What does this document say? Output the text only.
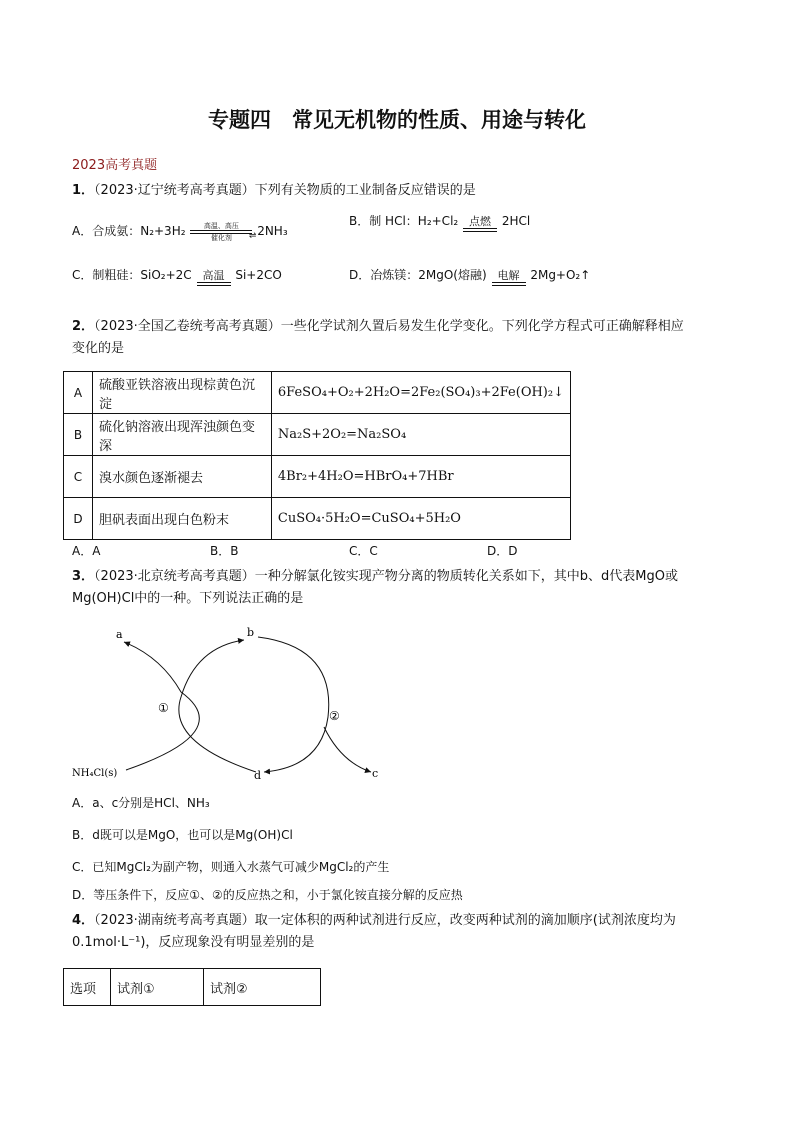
专题四　常见无机物的性质、用途与转化
2023高考真题
1．（2023·辽宁统考高考真题）下列有关物质的工业制备反应错误的是
A．合成氨：N₂+3H₂	高温、高压
⇌
催化剂	2NH₃
B．制 HCl：H₂+Cl₂ 点燃 2HCl
C．制粗硅：SiO₂+2C 高温 Si+2CO	D．冶炼镁：2MgO(熔融) 电解 2Mg+O₂↑
2．（2023·全国乙卷统考高考真题）一些化学试剂久置后易发生化学变化。下列化学方程式可正确解释相应
变化的是
A	硫酸亚铁溶液出现棕黄色沉淀	6FeSO₄+O₂+2H₂O=2Fe₂(SO₄)₃+2Fe(OH)₂↓
B	硫化钠溶液出现浑浊颜色变深	Na₂S+2O₂=Na₂SO₄
C	溴水颜色逐渐褪去	4Br₂+4H₂O=HBrO₄+7HBr
D	胆矾表面出现白色粉末	CuSO₄·5H₂O=CuSO₄+5H₂O
A．A	B．B	C．C	D．D
3．（2023·北京统考高考真题）一种分解氯化铵实现产物分离的物质转化关系如下，其中b、d代表MgO或
Mg(OH)Cl中的一种。下列说法正确的是
a	b
d	c
NH₄Cl(s)
①
②
A．a、c分别是HCl、NH₃
B．d既可以是MgO，也可以是Mg(OH)Cl
C．已知MgCl₂为副产物，则通入水蒸气可减少MgCl₂的产生
D．等压条件下，反应①、②的反应热之和，小于氯化铵直接分解的反应热
4．（2023·湖南统考高考真题）取一定体积的两种试剂进行反应，改变两种试剂的滴加顺序(试剂浓度均为
0.1mol·L⁻¹)，反应现象没有明显差别的是
选项	试剂①	试剂②
